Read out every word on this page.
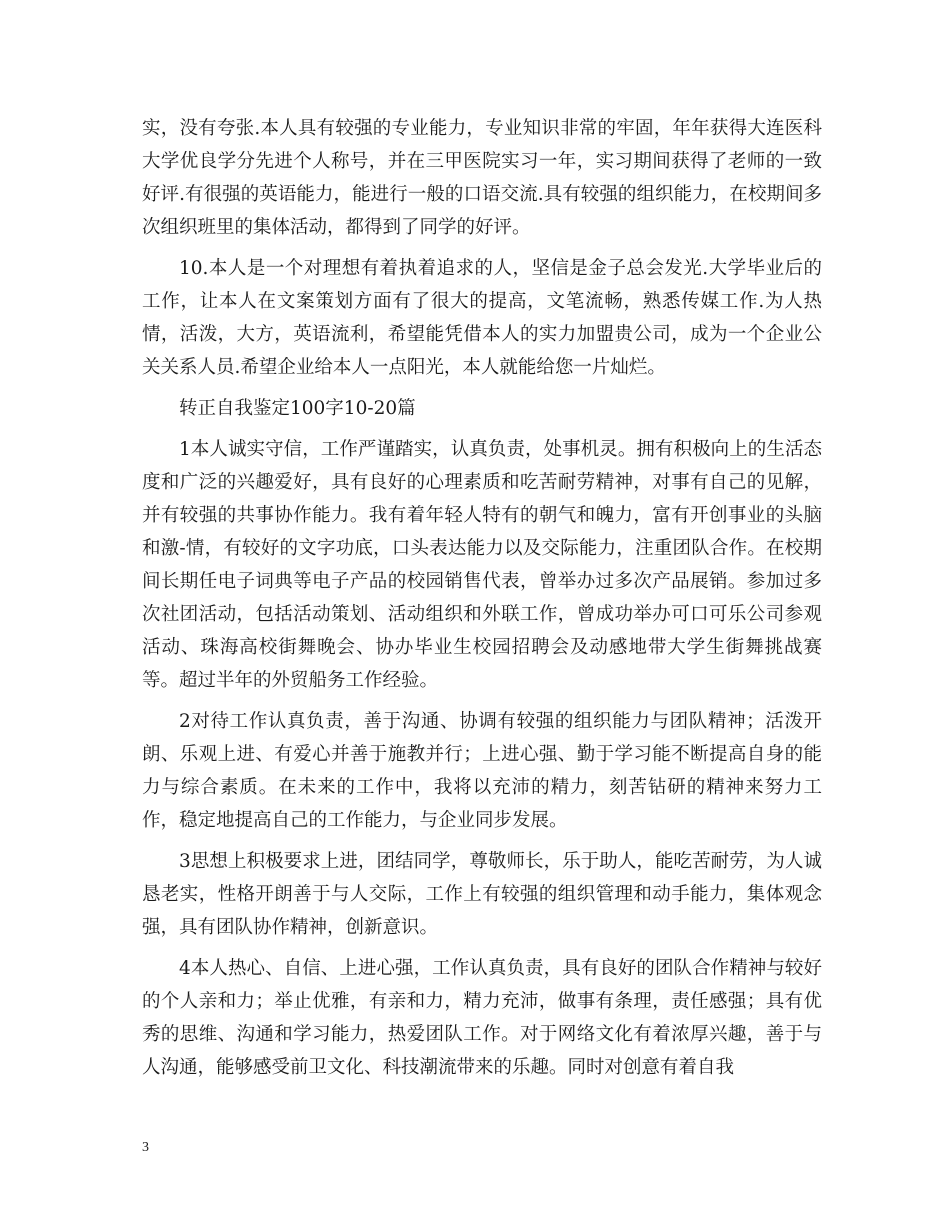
实，没有夸张.本人具有较强的专业能力，专业知识非常的牢固，年年获得大连医科大学优良学分先进个人称号，并在三甲医院实习一年，实习期间获得了老师的一致好评.有很强的英语能力，能进行一般的口语交流.具有较强的组织能力，在校期间多次组织班里的集体活动，都得到了同学的好评。

10.本人是一个对理想有着执着追求的人，坚信是金子总会发光.大学毕业后的工作，让本人在文案策划方面有了很大的提高，文笔流畅，熟悉传媒工作.为人热情，活泼，大方，英语流利，希望能凭借本人的实力加盟贵公司，成为一个企业公关关系人员.希望企业给本人一点阳光，本人就能给您一片灿烂。

转正自我鉴定100字10-20篇

1本人诚实守信，工作严谨踏实，认真负责，处事机灵。拥有积极向上的生活态度和广泛的兴趣爱好，具有良好的心理素质和吃苦耐劳精神，对事有自己的见解，并有较强的共事协作能力。我有着年轻人特有的朝气和魄力，富有开创事业的头脑和激-情，有较好的文字功底，口头表达能力以及交际能力，注重团队合作。在校期间长期任电子词典等电子产品的校园销售代表，曾举办过多次产品展销。参加过多次社团活动，包括活动策划、活动组织和外联工作，曾成功举办可口可乐公司参观活动、珠海高校街舞晚会、协办毕业生校园招聘会及动感地带大学生街舞挑战赛等。超过半年的外贸船务工作经验。

2对待工作认真负责，善于沟通、协调有较强的组织能力与团队精神；活泼开朗、乐观上进、有爱心并善于施教并行；上进心强、勤于学习能不断提高自身的能力与综合素质。在未来的工作中，我将以充沛的精力，刻苦钻研的精神来努力工作，稳定地提高自己的工作能力，与企业同步发展。

3思想上积极要求上进，团结同学，尊敬师长，乐于助人，能吃苦耐劳，为人诚恳老实，性格开朗善于与人交际，工作上有较强的组织管理和动手能力，集体观念强，具有团队协作精神，创新意识。

4本人热心、自信、上进心强，工作认真负责，具有良好的团队合作精神与较好的个人亲和力；举止优雅，有亲和力，精力充沛，做事有条理，责任感强；具有优秀的思维、沟通和学习能力，热爱团队工作。对于网络文化有着浓厚兴趣，善于与人沟通，能够感受前卫文化、科技潮流带来的乐趣。同时对创意有着自我

3
